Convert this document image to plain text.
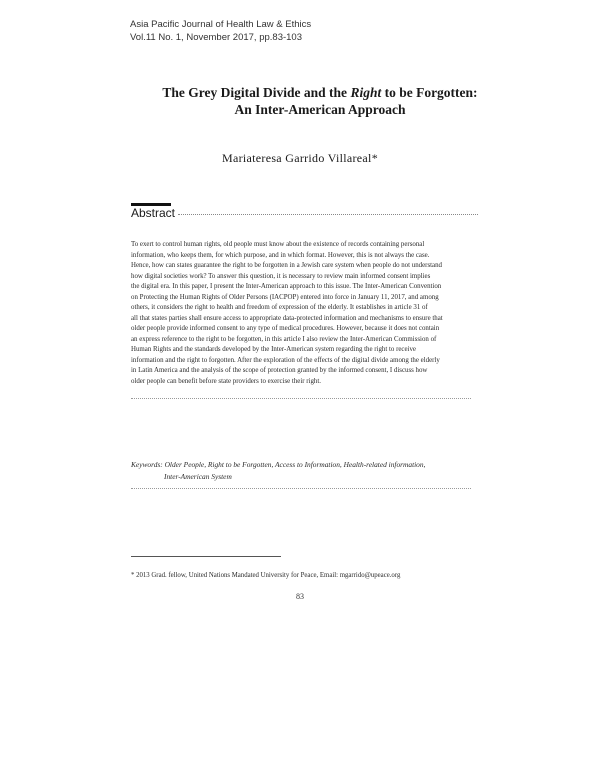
Asia Pacific Journal of Health Law & Ethics
Vol.11 No. 1, November 2017, pp.83-103
The Grey Digital Divide and the Right to be Forgotten:
An Inter-American Approach
Mariateresa Garrido Villareal*
Abstract
To exert to control human rights, old people must know about the existence of records containing personal
information, who keeps them, for which purpose, and in which format. However, this is not always the case.
Hence, how can states guarantee the right to be forgotten in a Jewish care system when people do not understand
how digital societies work? To answer this question, it is necessary to review main informed consent implies
the digital era. In this paper, I present the Inter-American approach to this issue. The Inter-American Convention
on Protecting the Human Rights of Older Persons (IACPOP) entered into force in January 11, 2017, and among
others, it considers the right to health and freedom of expression of the elderly. It establishes in article 31 of
all that states parties shall ensure access to appropriate data-protected information and mechanisms to ensure that
older people provide informed consent to any type of medical procedures. However, because it does not contain
an express reference to the right to be forgotten, in this article I also review the Inter-American Commission of
Human Rights and the standards developed by the Inter-American system regarding the right to receive
information and the right to forgotten. After the exploration of the effects of the digital divide among the elderly
in Latin America and the analysis of the scope of protection granted by the informed consent, I discuss how
older people can benefit before state providers to exercise their right.
Keywords: Older People, Right to be Forgotten, Access to Information, Health-related information,
Inter-American System
* 2013 Grad. fellow, United Nations Mandated University for Peace, Email: mgarrido@upeace.org
83
